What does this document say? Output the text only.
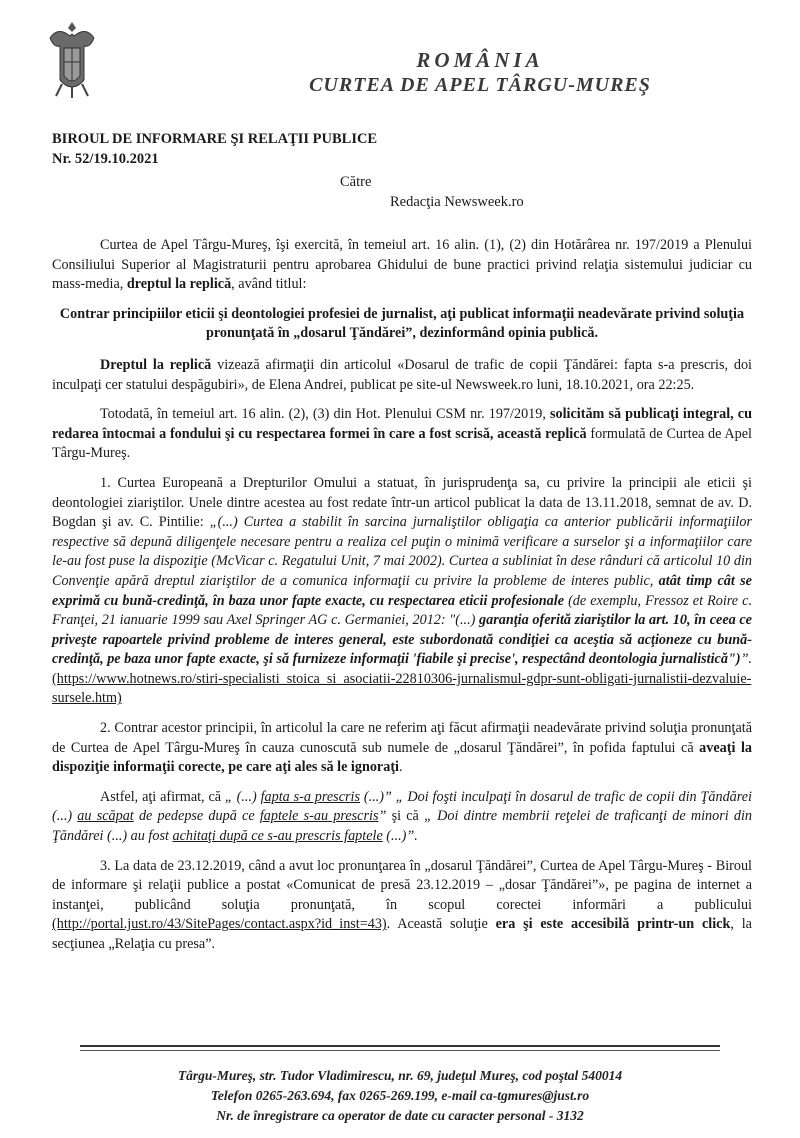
ROMÂNIA
CURTEA DE APEL TÂRGU-MUREŞ
BIROUL DE INFORMARE ŞI RELAŢII PUBLICE
Nr. 52/19.10.2021
Către
Redacţia Newsweek.ro

Curtea de Apel Târgu-Mureş, îşi exercită, în temeiul art. 16 alin. (1), (2) din Hotărârea nr. 197/2019 a Plenului Consiliului Superior al Magistraturii pentru aprobarea Ghidului de bune practici privind relaţia sistemului judiciar cu mass-media, dreptul la replică, având titlul:

Contrar principiilor eticii şi deontologiei profesiei de jurnalist, aţi publicat informaţii neadevărate privind soluţia pronunţată în „dosarul Ţăndărei”, dezinformând opinia publică.

Dreptul la replică vizează afirmaţii din articolul «Dosarul de trafic de copii Ţăndărei: fapta s-a prescris, doi inculpaţi cer statului despăgubiri», de Elena Andrei, publicat pe site-ul Newsweek.ro luni, 18.10.2021, ora 22:25.

Totodată, în temeiul art. 16 alin. (2), (3) din Hot. Plenului CSM nr. 197/2019, solicităm să publicaţi integral, cu redarea întocmai a fondului şi cu respectarea formei în care a fost scrisă, această replică formulată de Curtea de Apel Târgu-Mureş.

1. Curtea Europeană a Drepturilor Omului a statuat, în jurisprudenţa sa, cu privire la principii ale eticii şi deontologiei ziariştilor. Unele dintre acestea au fost redate într-un articol publicat la data de 13.11.2018, semnat de av. D. Bogdan şi av. C. Pintilie: „(...) Curtea a stabilit în sarcina jurnaliştilor obligaţia ca anterior publicării informaţiilor respective să depună diligenţele necesare pentru a realiza cel puţin o minimă verificare a surselor şi a informaţiilor care le-au fost puse la dispoziţie (McVicar c. Regatului Unit, 7 mai 2002). Curtea a subliniat în dese rânduri că articolul 10 din Convenţie apără dreptul ziariştilor de a comunica informaţii cu privire la probleme de interes public, atât timp cât se exprimă cu bună-credinţă, în baza unor fapte exacte, cu respectarea eticii profesionale (de exemplu, Fressoz et Roire c. Franţei, 21 ianuarie 1999 sau Axel Springer AG c. Germaniei, 2012: "(...) garanţia oferită ziariştilor la art. 10, în ceea ce priveşte rapoartele privind probleme de interes general, este subordonată condiţiei ca aceştia să acţioneze cu bună-credinţă, pe baza unor fapte exacte, şi să furnizeze informaţii 'fiabile şi precise', respectând deontologia jurnalistică")”. (https://www.hotnews.ro/stiri-specialisti_stoica_si_asociatii-22810306-jurnalismul-gdpr-sunt-obligati-jurnalistii-dezvaluie-sursele.htm)

2. Contrar acestor principii, în articolul la care ne referim aţi făcut afirmaţii neadevărate privind soluţia pronunţată de Curtea de Apel Târgu-Mureş în cauza cunoscută sub numele de „dosarul Ţăndărei”, în pofida faptului că aveaţi la dispoziţie informaţii corecte, pe care aţi ales să le ignoraţi.

Astfel, aţi afirmat, că „ (...) fapta s-a prescris (...)” „ Doi foşti inculpaţi în dosarul de trafic de copii din Ţăndărei (...) au scăpat de pedepse după ce faptele s-au prescris” şi că „ Doi dintre membrii reţelei de traficanţi de minori din Ţăndărei (...) au fost achitaţi după ce s-au prescris faptele (...)”.

3. La data de 23.12.2019, când a avut loc pronunţarea în „dosarul Ţăndărei”, Curtea de Apel Târgu-Mureş - Biroul de informare şi relaţii publice a postat «Comunicat de presă 23.12.2019 – „dosar Ţăndărei”», pe pagina de internet a instanţei, publicând soluţia pronunţată, în scopul corectei informări a publicului (http://portal.just.ro/43/SitePages/contact.aspx?id_inst=43). Această soluţie era şi este accesibilă printr-un click, la secţiunea „Relaţia cu presa”.

Târgu-Mureş, str. Tudor Vladimirescu, nr. 69, judeţul Mureş, cod poştal 540014
Telefon 0265-263.694, fax 0265-269.199, e-mail ca-tgmures@just.ro
Nr. de înregistrare ca operator de date cu caracter personal - 3132
